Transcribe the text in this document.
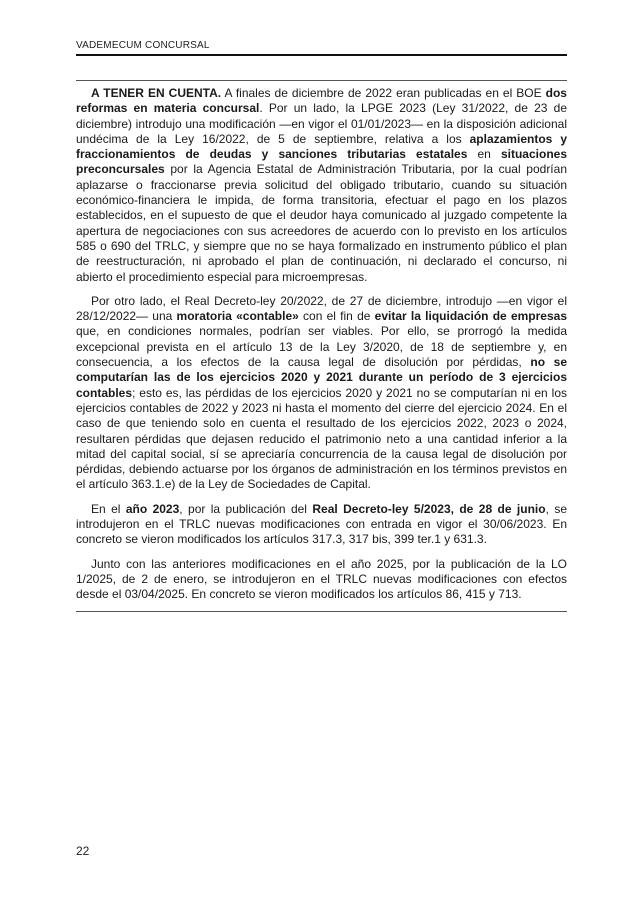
VADEMECUM CONCURSAL

A TENER EN CUENTA. A finales de diciembre de 2022 eran publicadas en el BOE dos reformas en materia concursal. Por un lado, la LPGE 2023 (Ley 31/2022, de 23 de diciembre) introdujo una modificación —en vigor el 01/01/2023— en la disposición adicional undécima de la Ley 16/2022, de 5 de septiembre, relativa a los aplazamientos y fraccionamientos de deudas y sanciones tributarias estatales en situaciones preconcursales por la Agencia Estatal de Administración Tributaria, por la cual podrían aplazarse o fraccionarse previa solicitud del obligado tributario, cuando su situación económico-financiera le impida, de forma transitoria, efectuar el pago en los plazos establecidos, en el supuesto de que el deudor haya comunicado al juzgado competente la apertura de negociaciones con sus acreedores de acuerdo con lo previsto en los artículos 585 o 690 del TRLC, y siempre que no se haya formalizado en instrumento público el plan de reestructuración, ni aprobado el plan de continuación, ni declarado el concurso, ni abierto el procedimiento especial para microempresas.

Por otro lado, el Real Decreto-ley 20/2022, de 27 de diciembre, introdujo —en vigor el 28/12/2022— una moratoria «contable» con el fin de evitar la liquidación de empresas que, en condiciones normales, podrían ser viables. Por ello, se prorrogó la medida excepcional prevista en el artículo 13 de la Ley 3/2020, de 18 de septiembre y, en consecuencia, a los efectos de la causa legal de disolución por pérdidas, no se computarían las de los ejercicios 2020 y 2021 durante un período de 3 ejercicios contables; esto es, las pérdidas de los ejercicios 2020 y 2021 no se computarían ni en los ejercicios contables de 2022 y 2023 ni hasta el momento del cierre del ejercicio 2024. En el caso de que teniendo solo en cuenta el resultado de los ejercicios 2022, 2023 o 2024, resultaren pérdidas que dejasen reducido el patrimonio neto a una cantidad inferior a la mitad del capital social, sí se apreciaría concurrencia de la causa legal de disolución por pérdidas, debiendo actuarse por los órganos de administración en los términos previstos en el artículo 363.1.e) de la Ley de Sociedades de Capital.

En el año 2023, por la publicación del Real Decreto-ley 5/2023, de 28 de junio, se introdujeron en el TRLC nuevas modificaciones con entrada en vigor el 30/06/2023. En concreto se vieron modificados los artículos 317.3, 317 bis, 399 ter.1 y 631.3.

Junto con las anteriores modificaciones en el año 2025, por la publicación de la LO 1/2025, de 2 de enero, se introdujeron en el TRLC nuevas modificaciones con efectos desde el 03/04/2025. En concreto se vieron modificados los artículos 86, 415 y 713.

22
